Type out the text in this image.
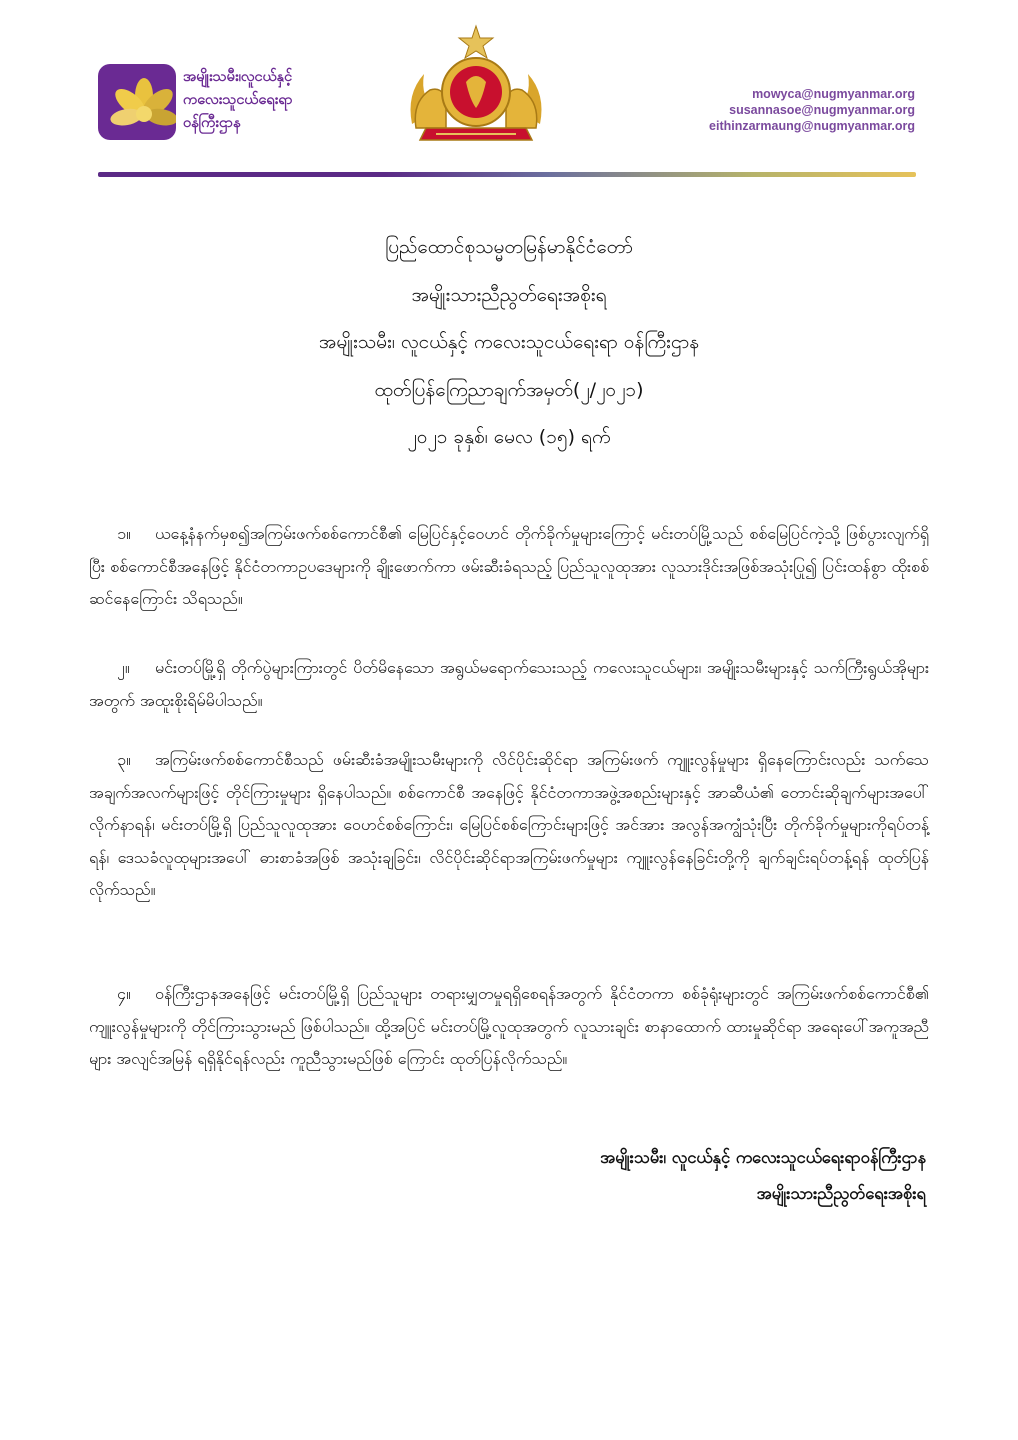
အမျိုးသမီး၊လူငယ်နှင့်
ကလေးသူငယ်ရေးရာ
ဝန်ကြီးဌာန
mowyca@nugmyanmar.org
susannasoe@nugmyanmar.org
eithinzarmaung@nugmyanmar.org
ပြည်ထောင်စုသမ္မတမြန်မာနိုင်ငံတော်
အမျိုးသားညီညွတ်ရေးအစိုးရ
အမျိုးသမီး၊ လူငယ်နှင့် ကလေးသူငယ်ရေးရာ ဝန်ကြီးဌာန
ထုတ်ပြန်ကြေညာချက်အမှတ်(၂/၂၀၂၁)
၂၀၂၁ ခုနှစ်၊ မေလ (၁၅) ရက်
၁။ ယနေ့နံနက်မှစ၍အကြမ်းဖက်စစ်ကောင်စီ၏ မြေပြင်နှင့်ဝေဟင် တိုက်ခိုက်မှုများကြောင့် မင်းတပ်မြို့သည် စစ်မြေပြင်ကဲ့သို့ ဖြစ်ပွားလျက်ရှိပြီး စစ်ကောင်စီအနေဖြင့် နိုင်ငံတကာဥပဒေများကို ချိုးဖောက်ကာ ဖမ်းဆီးခံရသည့် ပြည်သူလူထုအား လူသားဒိုင်းအဖြစ်အသုံးပြု၍ ပြင်းထန်စွာ ထိုးစစ်ဆင်နေကြောင်း သိရသည်။
၂။ မင်းတပ်မြို့ရှိ တိုက်ပွဲများကြားတွင် ပိတ်မိနေသော အရွယ်မရောက်သေးသည့် ကလေးသူငယ်များ၊ အမျိုးသမီးများနှင့် သက်ကြီးရွယ်အိုများ အတွက် အထူးစိုးရိမ်မိပါသည်။
၃။ အကြမ်းဖက်စစ်ကောင်စီသည် ဖမ်းဆီးခံအမျိုးသမီးများကို လိင်ပိုင်းဆိုင်ရာ အကြမ်းဖက် ကျူးလွန်မှုများ ရှိနေကြောင်းလည်း သက်သေအချက်အလက်များဖြင့် တိုင်ကြားမှုများ ရှိနေပါသည်။ စစ်ကောင်စီ အနေဖြင့် နိုင်ငံတကာအဖွဲ့အစည်းများနှင့် အာဆီယံ၏ တောင်းဆိုချက်များအပေါ် လိုက်နာရန်၊ မင်းတပ်မြို့ရှိ ပြည်သူလူထုအား ဝေဟင်စစ်ကြောင်း၊ မြေပြင်စစ်ကြောင်းများဖြင့် အင်အား အလွန်အကျွံသုံးပြီး တိုက်ခိုက်မှုများကိုရပ်တန့်ရန်၊ ဒေသခံလူထုများအပေါ် ဓားစာခံအဖြစ် အသုံးချခြင်း၊ လိင်ပိုင်းဆိုင်ရာအကြမ်းဖက်မှုများ ကျူးလွန်နေခြင်းတို့ကို ချက်ချင်းရပ်တန့်ရန် ထုတ်ပြန်လိုက်သည်။
၄။ ဝန်ကြီးဌာနအနေဖြင့် မင်းတပ်မြို့ရှိ ပြည်သူများ တရားမျှတမှုရရှိစေရန်အတွက် နိုင်ငံတကာ စစ်ခုံရုံးများတွင် အကြမ်းဖက်စစ်ကောင်စီ၏ ကျူးလွန်မှုများကို တိုင်ကြားသွားမည် ဖြစ်ပါသည်။ ထို့အပြင် မင်းတပ်မြို့လူထုအတွက် လူသားချင်း စာနာထောက် ထားမှုဆိုင်ရာ အရေးပေါ်အကူအညီများ အလျင်အမြန် ရရှိနိုင်ရန်လည်း ကူညီသွားမည်ဖြစ် ကြောင်း ထုတ်ပြန်လိုက်သည်။
အမျိုးသမီး၊ လူငယ်နှင့် ကလေးသူငယ်ရေးရာဝန်ကြီးဌာန
အမျိုးသားညီညွတ်ရေးအစိုးရ
